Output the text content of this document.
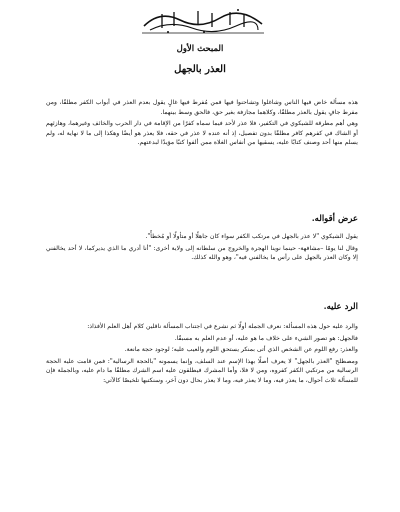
المبحث الأول
العذر بالجهل

هذه مسألة خاض فيها الناس وشاغلوا وتشاحنوا فيها فمن مُفرط فيها غالٍ يقول بعدم العذر في أبواب الكفر مطلقًا، ومن مفرط جافٍ يقول بالعذر مطلقًا، وكلاهما مجازفة بغير حق، فالحق وسط بينهما.

وهي أهم مطرقة للشيكوي في التكفير، فلا عذر لأحد فيما سماه كفرًا من الإقامة في دار الحرب والخائف وغيرهما، وهازئهم أو الشاك في كفرهم كافر مطلقًا بدون تفصيل، إذ أنه عنده لا عذر في حقه، فلا يعذر هو أيضًا وهكذا إلى ما لا نهاية له، ولم يسلم منها أحد وصنف كتابًا عليه، يسقيها من أنفاس الغلاة ممن ألفوا كتبًا مؤيدًا لبدعتهم.

عرض أقواله.

يقول الشيكوي "لا عذر بالجهل في مرتكب الكفر سواء كان جاهلًا أو متأولًا أو مُخطأً".

وقال لنا يومًا –مشافهة- حينما نوينا الهجرة والخروج من سلطانه إلى ولاية أخرى: "أنا أدري ما الذي يديركما، لا أحد يخالفني إلا وكان العذر بالجهل على رأس ما يخالفني فيه"، وهو والله كذلك.

الرد عليه.

والرد عليه حول هذه المسألة: نعرف الجملة أولًا ثم نشرع في اجتناب المسألة ناقلين كلام أهل العلم الأفذاذ:

فالجهل: هو تصور الشيء على خلاف ما هو عليه، أو عدم العلم به مسبقًا.

والعذر: رفع اللوم عن الشخص الذي أتى بمنكر يستحق اللوم والعيب عليه؛ لوجود حجة مانعة.

ومصطلح "العذر بالجهل" لا يعرف أصلًا بهذا الإسم عند السلف، وإنما يسمونه "بالحجة الرسالية": فمن قامت عليه الحجة الرسالية من مرتكبي الكفر كفروه، ومن لا فلا، وأما المشرك فيطلقون عليه اسم الشرك مطلقًا ما دام عليه، وبالجملة فإن للمسألة ثلاث أحوال، ما يعذر فيه، وما لا يعذر فيه، وما لا يعذر بحال دون آخر، وسنكتبها تلخيصًا كالآتي:
